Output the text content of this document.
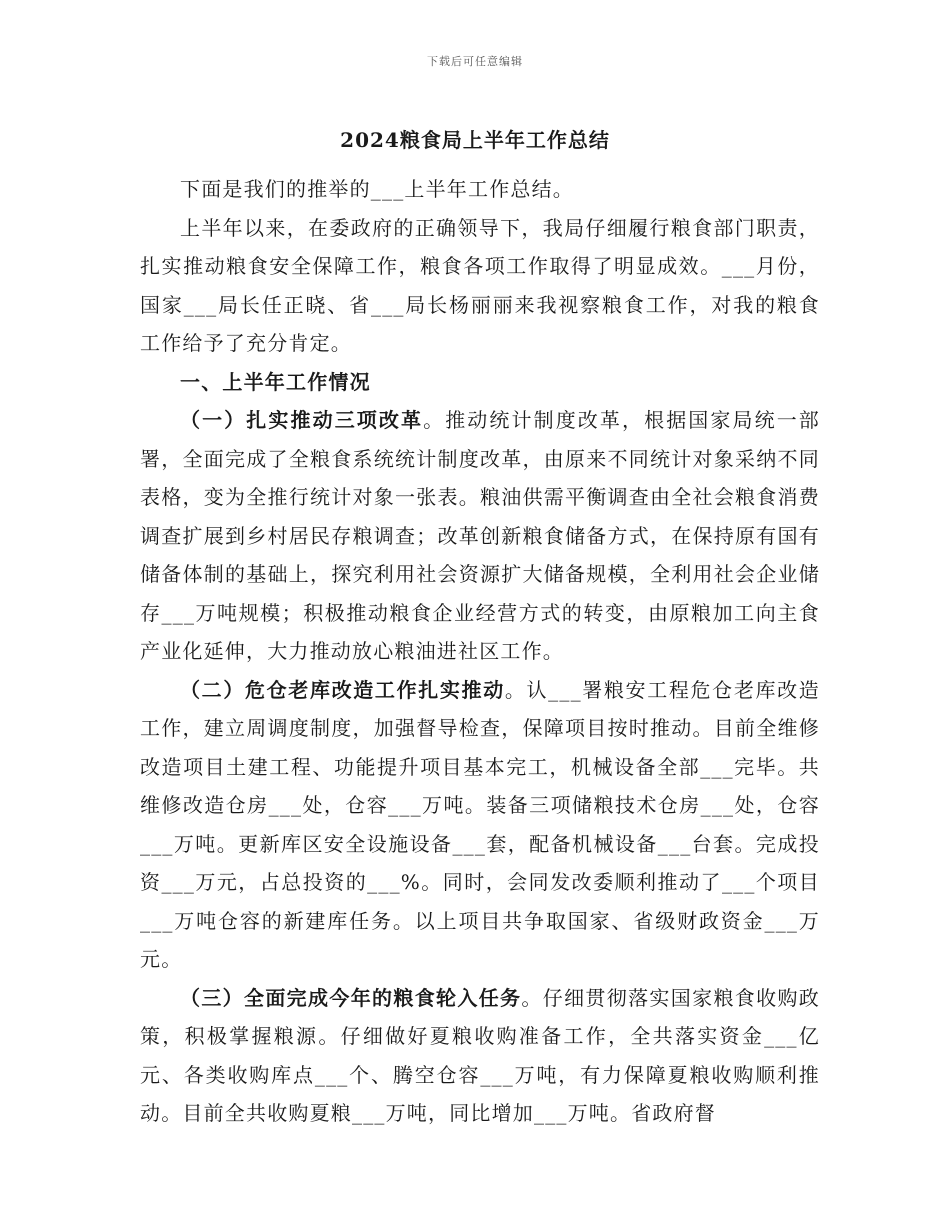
下载后可任意编辑
2024粮食局上半年工作总结

下面是我们的推举的___上半年工作总结。

上半年以来，在委政府的正确领导下，我局仔细履行粮食部门职责，扎实推动粮食安全保障工作，粮食各项工作取得了明显成效。___月份，国家___局长任正晓、省___局长杨丽丽来我视察粮食工作，对我的粮食工作给予了充分肯定。

一、上半年工作情况

（一）扎实推动三项改革。推动统计制度改革，根据国家局统一部署，全面完成了全粮食系统统计制度改革，由原来不同统计对象采纳不同表格，变为全推行统计对象一张表。粮油供需平衡调查由全社会粮食消费调查扩展到乡村居民存粮调查；改革创新粮食储备方式，在保持原有国有储备体制的基础上，探究利用社会资源扩大储备规模，全利用社会企业储存___万吨规模；积极推动粮食企业经营方式的转变，由原粮加工向主食产业化延伸，大力推动放心粮油进社区工作。

（二）危仓老库改造工作扎实推动。认___署粮安工程危仓老库改造工作，建立周调度制度，加强督导检查，保障项目按时推动。目前全维修改造项目土建工程、功能提升项目基本完工，机械设备全部___完毕。共维修改造仓房___处，仓容___万吨。装备三项储粮技术仓房___处，仓容___万吨。更新库区安全设施设备___套，配备机械设备___台套。完成投资___万元，占总投资的___%。同时，会同发改委顺利推动了___个项目___万吨仓容的新建库任务。以上项目共争取国家、省级财政资金___万元。

（三）全面完成今年的粮食轮入任务。仔细贯彻落实国家粮食收购政策，积极掌握粮源。仔细做好夏粮收购准备工作，全共落实资金___亿元、各类收购库点___个、腾空仓容___万吨，有力保障夏粮收购顺利推动。目前全共收购夏粮___万吨，同比增加___万吨。省政府督
